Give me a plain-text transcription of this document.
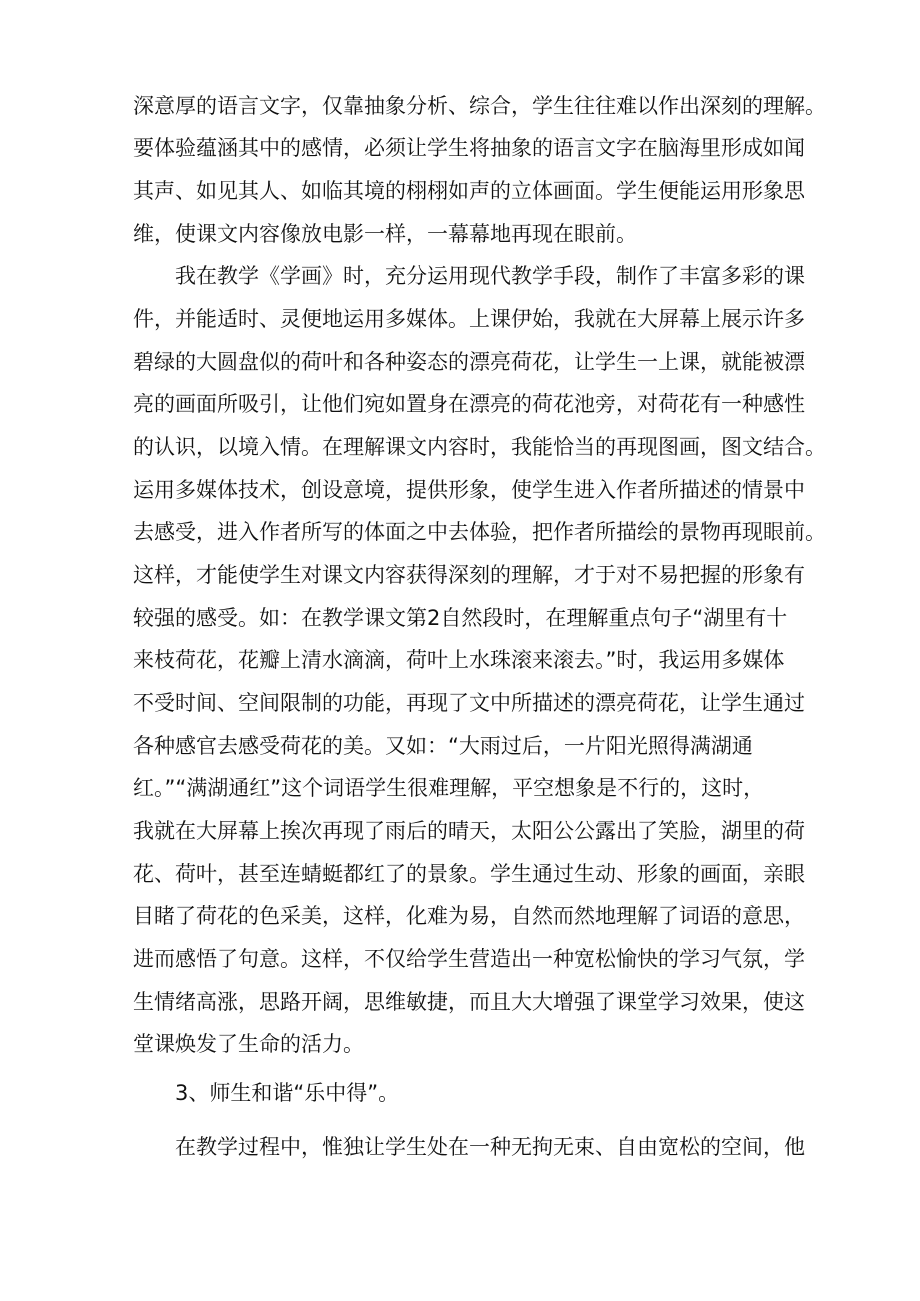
深意厚的语言文字，仅靠抽象分析、综合，学生往往难以作出深刻的理解。
要体验蕴涵其中的感情，必须让学生将抽象的语言文字在脑海里形成如闻
其声、如见其人、如临其境的栩栩如声的立体画面。学生便能运用形象思
维，使课文内容像放电影一样，一幕幕地再现在眼前。
我在教学《学画》时，充分运用现代教学手段，制作了丰富多彩的课
件，并能适时、灵便地运用多媒体。上课伊始，我就在大屏幕上展示许多
碧绿的大圆盘似的荷叶和各种姿态的漂亮荷花，让学生一上课，就能被漂
亮的画面所吸引，让他们宛如置身在漂亮的荷花池旁，对荷花有一种感性
的认识，以境入情。在理解课文内容时，我能恰当的再现图画，图文结合。
运用多媒体技术，创设意境，提供形象，使学生进入作者所描述的情景中
去感受，进入作者所写的体面之中去体验，把作者所描绘的景物再现眼前。
这样，才能使学生对课文内容获得深刻的理解，才于对不易把握的形象有
较强的感受。如：在教学课文第2自然段时，在理解重点句子“湖里有十
来枝荷花，花瓣上清水滴滴，荷叶上水珠滚来滚去。”时，我运用多媒体
不受时间、空间限制的功能，再现了文中所描述的漂亮荷花，让学生通过
各种感官去感受荷花的美。又如：“大雨过后，一片阳光照得满湖通
红。”“满湖通红”这个词语学生很难理解，平空想象是不行的，这时，
我就在大屏幕上挨次再现了雨后的晴天，太阳公公露出了笑脸，湖里的荷
花、荷叶，甚至连蜻蜓都红了的景象。学生通过生动、形象的画面，亲眼
目睹了荷花的色采美，这样，化难为易，自然而然地理解了词语的意思，
进而感悟了句意。这样，不仅给学生营造出一种宽松愉快的学习气氛，学
生情绪高涨，思路开阔，思维敏捷，而且大大增强了课堂学习效果，使这
堂课焕发了生命的活力。
3、师生和谐“乐中得”。
在教学过程中，惟独让学生处在一种无拘无束、自由宽松的空间，他
